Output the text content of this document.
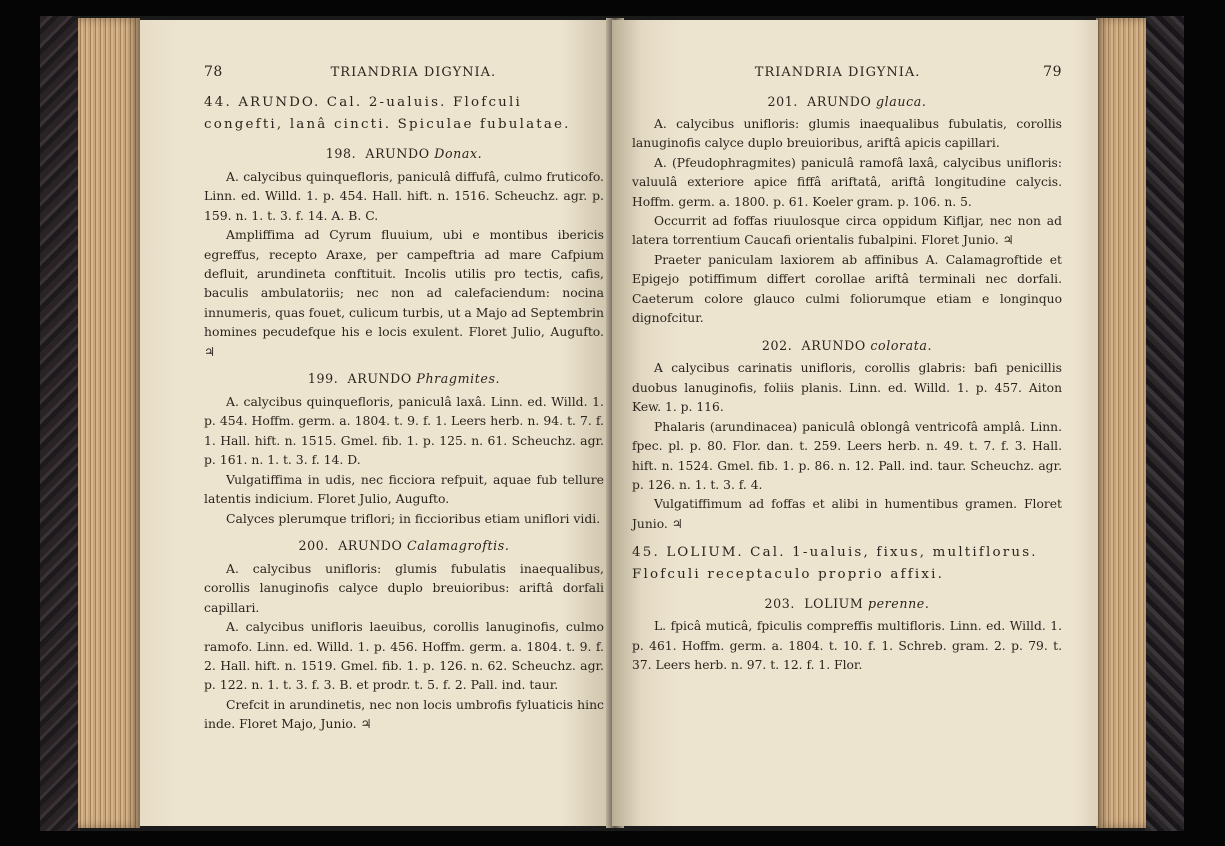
78	TRIANDRIA DIGYNIA.
44. ARUNDO. Cal. 2-ualuis. Flofculi congefti, lanâ cincti. Spiculae fubulatae.
198. ARUNDO Donax.

A. calycibus quinquefloris, paniculâ diffufâ, culmo fruticofo. Linn. ed. Willd. 1. p. 454. Hall. hift. n. 1516. Scheuchz. agr. p. 159. n. 1. t. 3. f. 14. A. B. C.

Ampliffima ad Cyrum fluuium, ubi e montibus ibericis egreffus, recepto Araxe, per campeftria ad mare Cafpium defluit, arundineta conftituit. Incolis utilis pro tectis, cafis, baculis ambulatoriis; nec non ad calefaciendum: nocina innumeris, quas fouet, culicum turbis, ut a Majo ad Septembrin homines pecudefque his e locis exulent. Floret Julio, Augufto. ♃

199. ARUNDO Phragmites.

A. calycibus quinquefloris, paniculâ laxâ. Linn. ed. Willd. 1. p. 454. Hoffm. germ. a. 1804. t. 9. f. 1. Leers herb. n. 94. t. 7. f. 1. Hall. hift. n. 1515. Gmel. fib. 1. p. 125. n. 61. Scheuchz. agr. p. 161. n. 1. t. 3. f. 14. D.

Vulgatiffima in udis, nec ficciora refpuit, aquae fub tellure latentis indicium. Floret Julio, Augufto.

Calyces plerumque triflori; in ficcioribus etiam uniflori vidi.

200. ARUNDO Calamagroftis.

A. calycibus unifloris: glumis fubulatis inaequalibus, corollis lanuginofis calyce duplo breuioribus: ariftâ dorfali capillari.

A. calycibus unifloris laeuibus, corollis lanuginofis, culmo ramofo. Linn. ed. Willd. 1. p. 456. Hoffm. germ. a. 1804. t. 9. f. 2. Hall. hift. n. 1519. Gmel. fib. 1. p. 126. n. 62. Scheuchz. agr. p. 122. n. 1. t. 3. f. 3. B. et prodr. t. 5. f. 2. Pall. ind. taur.

Crefcit in arundinetis, nec non locis umbrofis fyluaticis hinc inde. Floret Majo, Junio. ♃

TRIANDRIA DIGYNIA.	79
201. ARUNDO glauca.

A. calycibus unifloris: glumis inaequalibus fubulatis, corollis lanuginofis calyce duplo breuioribus, ariftâ apicis capillari.

A. (Pfeudophragmites) paniculâ ramofâ laxâ, calycibus unifloris: valuulâ exteriore apice fiffâ ariftatâ, ariftâ longitudine calycis. Hoffm. germ. a. 1800. p. 61. Koeler gram. p. 106. n. 5.

Occurrit ad foffas riuulosque circa oppidum Kifljar, nec non ad latera torrentium Caucafi orientalis fubalpini. Floret Junio. ♃

Praeter paniculam laxiorem ab affinibus A. Calamagroftide et Epigejo potiffimum differt corollae ariftâ terminali nec dorfali. Caeterum colore glauco culmi foliorumque etiam e longinquo dignofcitur.

202. ARUNDO colorata.

A calycibus carinatis unifloris, corollis glabris: bafi penicillis duobus lanuginofis, foliis planis. Linn. ed. Willd. 1. p. 457. Aiton Kew. 1. p. 116.

Phalaris (arundinacea) paniculâ oblongâ ventricofâ amplâ. Linn. fpec. pl. p. 80. Flor. dan. t. 259. Leers herb. n. 49. t. 7. f. 3. Hall. hift. n. 1524. Gmel. fib. 1. p. 86. n. 12. Pall. ind. taur. Scheuchz. agr. p. 126. n. 1. t. 3. f. 4.

Vulgatiffimum ad foffas et alibi in humentibus gramen. Floret Junio. ♃

45. LOLIUM. Cal. 1-ualuis, fixus, multiflorus. Flofculi receptaculo proprio affixi.
203. LOLIUM perenne.

L. fpicâ muticâ, fpiculis compreffis multifloris. Linn. ed. Willd. 1. p. 461. Hoffm. germ. a. 1804. t. 10. f. 1. Schreb. gram. 2. p. 79. t. 37. Leers herb. n. 97. t. 12. f. 1. Flor.
